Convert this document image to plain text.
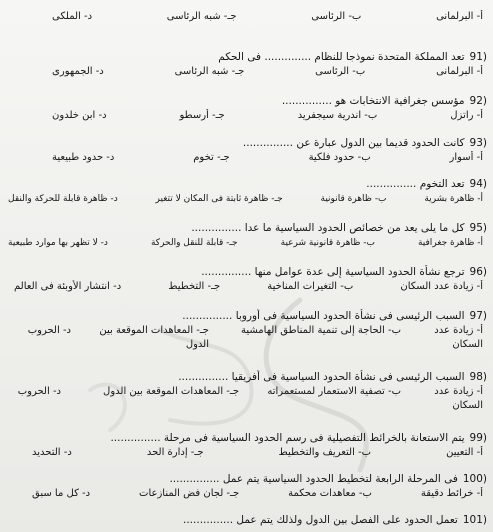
أ- البرلمانى
ب- الرئاسى
جـ- شبه الرئاسى
د- الملكى
91)
تعد المملكة المتحدة نموذجا للنظام .............. فى الحكم
أ- البرلمانى
ب- الرئاسى
جـ- شبه الرئاسى
د- الجمهورى
92)
مؤسس جغرافية الانتخابات هو ...............
أ- راتزل
ب- اندرية سيجفريد
جـ- أرسطو
د- ابن خلدون
93)
كانت الحدود قديما بين الدول عبارة عن ...............
أ- أسوار
ب- حدود فلكية
جـ- تخوم
د- حدود طبيعية
94)
تعد التخوم ...............
أ- ظاهرة بشرية
ب- ظاهرة قانونية
جـ- ظاهرة ثابتة فى المكان لا تتغير
د- ظاهرة قابلة للحركة والنقل
95)
كل ما يلى يعد من خصائص الحدود السياسية ما عدا ...............
أ- ظاهرة جغرافية
ب- ظاهرة قانونية شرعية
جـ- قابلة للنقل والحركة
د- لا تظهر بها موارد طبيعية
96)
ترجع نشأة الحدود السياسية إلى عدة عوامل منها ...............
أ- زيادة عدد السكان
ب- التغيرات المناخية
جـ- التخطيط
د- انتشار الأوبئة فى العالم
97)
السبب الرئيسى فى نشأة الحدود السياسية فى أوروبا ...............
أ- زيادة عدد السكان
ب- الحاجة إلى تنمية المناطق الهامشية
جـ- المعاهدات الموقعة بين الدول
د- الحروب
98)
السبب الرئيسى فى نشأة الحدود السياسية فى أفريقيا ...............
أ- زيادة عدد السكان
ب- تصفية الاستعمار لمستعمراته
جـ- المعاهدات الموقعة بين الدول
د- الحروب
99)
يتم الاستعانة بالخرائط التفصيلية فى رسم الحدود السياسية فى مرحلة ...............
أ- التعيين
ب- التعريف والتخطيط
جـ- إدارة الحد
د- التحديد
100)
فى المرحلة الرابعة لتخطيط الحدود السياسية يتم عمل ...............
أ- خرائط دقيقة
ب- معاهدات محكمة
جـ- لجان فض المنازعات
د- كل ما سبق
101)
تعمل الحدود على الفصل بين الدول ولذلك يتم عمل ...............
